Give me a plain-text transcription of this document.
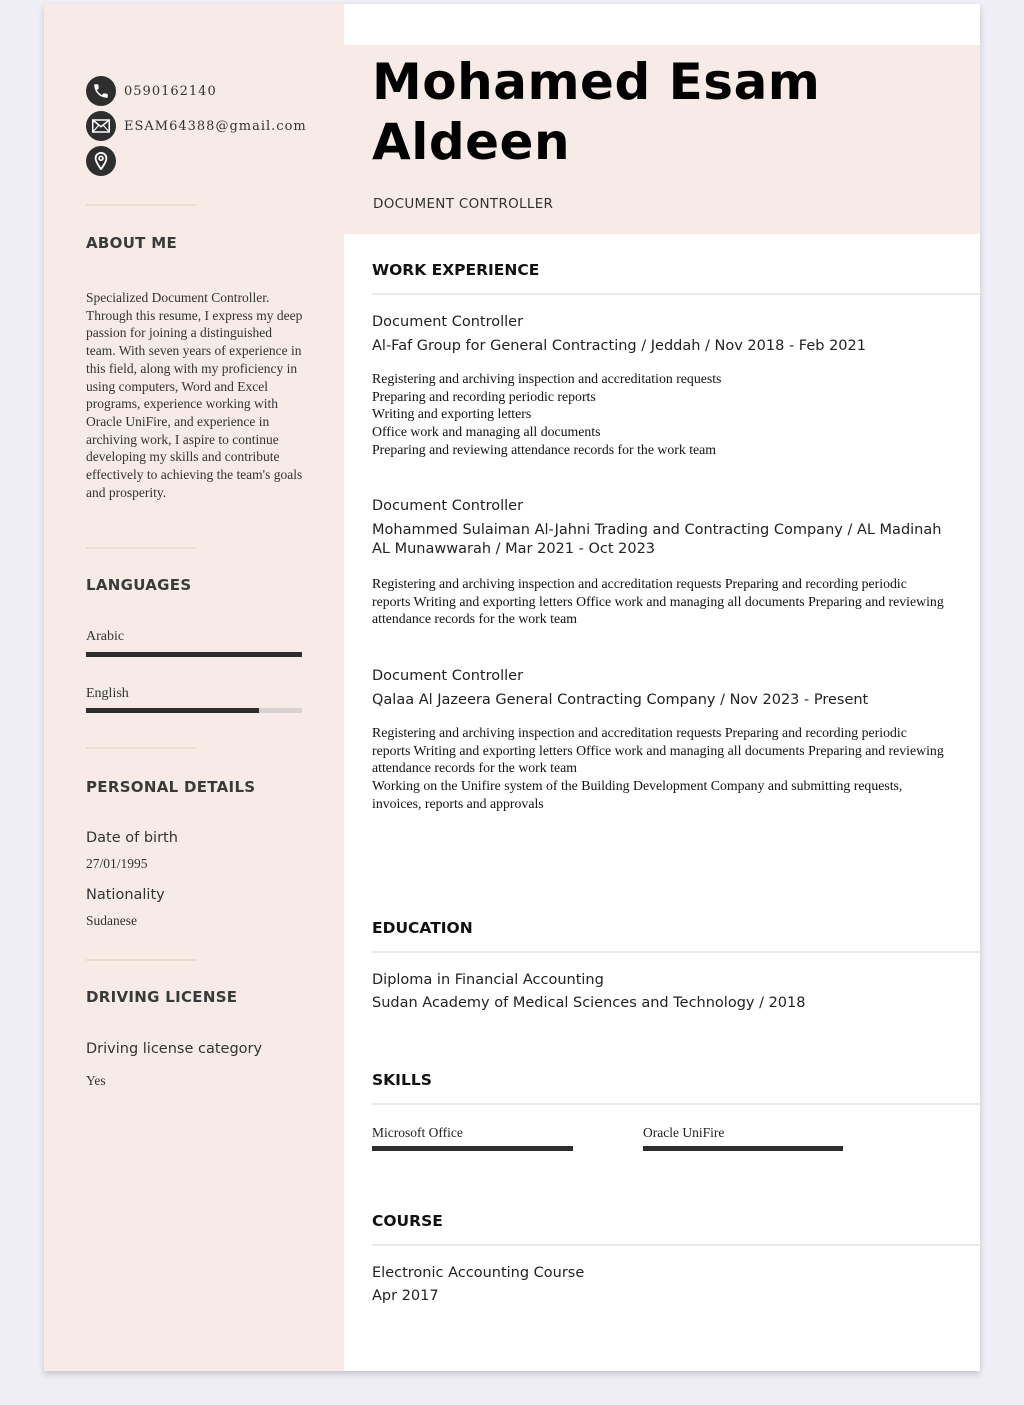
0590162140
ESAM64388@gmail.com
ABOUT ME
Specialized Document Controller. Through this resume, I express my deep passion for joining a distinguished team. With seven years of experience in this field, along with my proficiency in using computers, Word and Excel programs, experience working with Oracle UniFire, and experience in archiving work, I aspire to continue developing my skills and contribute effectively to achieving the team's goals and prosperity.
LANGUAGES
Arabic
English
PERSONAL DETAILS
Date of birth
27/01/1995
Nationality
Sudanese
DRIVING LICENSE
Driving license category
Yes
Mohamed Esam
Aldeen
DOCUMENT CONTROLLER
WORK EXPERIENCE
Document Controller
Al-Faf Group for General Contracting / Jeddah / Nov 2018 - Feb 2021
Registering and archiving inspection and accreditation requests
Preparing and recording periodic reports
Writing and exporting letters
Office work and managing all documents
Preparing and reviewing attendance records for the work team
Document Controller
Mohammed Sulaiman Al-Jahni Trading and Contracting Company / AL Madinah AL Munawwarah / Mar 2021 - Oct 2023
Registering and archiving inspection and accreditation requests Preparing and recording periodic reports Writing and exporting letters Office work and managing all documents Preparing and reviewing attendance records for the work team
Document Controller
Qalaa Al Jazeera General Contracting Company / Nov 2023 - Present
Registering and archiving inspection and accreditation requests Preparing and recording periodic reports Writing and exporting letters Office work and managing all documents Preparing and reviewing attendance records for the work team
Working on the Unifire system of the Building Development Company and submitting requests, invoices, reports and approvals
EDUCATION
Diploma in Financial Accounting
Sudan Academy of Medical Sciences and Technology / 2018
SKILLS
Microsoft Office	Oracle UniFire
COURSE
Electronic Accounting Course
Apr 2017
